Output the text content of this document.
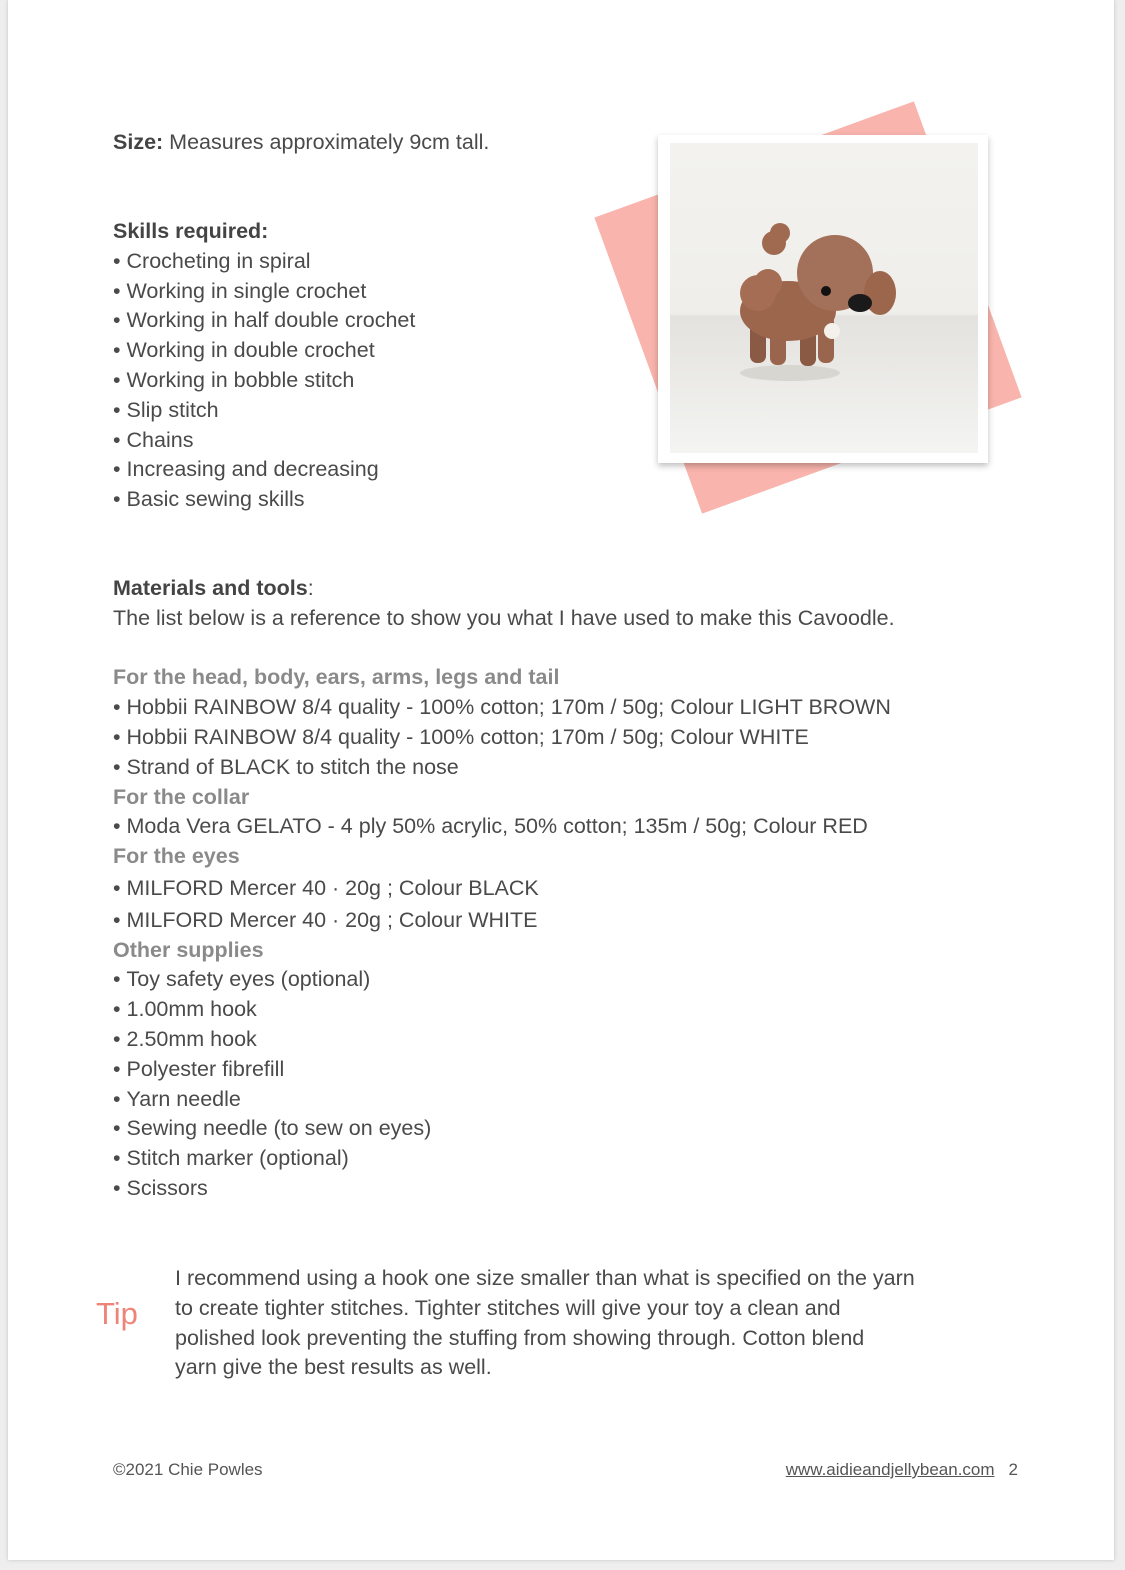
Size: Measures approximately 9cm tall.
Skills required:
• Crocheting in spiral
• Working in single crochet
• Working in half double crochet
• Working in double crochet
• Working in bobble stitch
• Slip stitch
• Chains
• Increasing and decreasing
• Basic sewing skills
Materials and tools:
The list below is a reference to show you what I have used to make this Cavoodle.
For the head, body, ears, arms, legs and tail
• Hobbii RAINBOW 8/4 quality - 100% cotton; 170m / 50g; Colour LIGHT BROWN
• Hobbii RAINBOW 8/4 quality - 100% cotton; 170m / 50g; Colour WHITE
• Strand of BLACK to stitch the nose
For the collar
• Moda Vera GELATO - 4 ply 50% acrylic, 50% cotton; 135m / 50g; Colour RED
For the eyes
• MILFORD Mercer 40 · 20g ; Colour BLACK
• MILFORD Mercer 40 · 20g ; Colour WHITE
Other supplies
• Toy safety eyes (optional)
• 1.00mm hook
• 2.50mm hook
• Polyester fibrefill
• Yarn needle
• Sewing needle (to sew on eyes)
• Stitch marker (optional)
• Scissors
Tip
I recommend using a hook one size smaller than what is specified on the yarn
to create tighter stitches. Tighter stitches will give your toy a clean and
polished look preventing the stuffing from showing through. Cotton blend
yarn give the best results as well.
©2021 Chie Powles	www.aidieandjellybean.com 2
